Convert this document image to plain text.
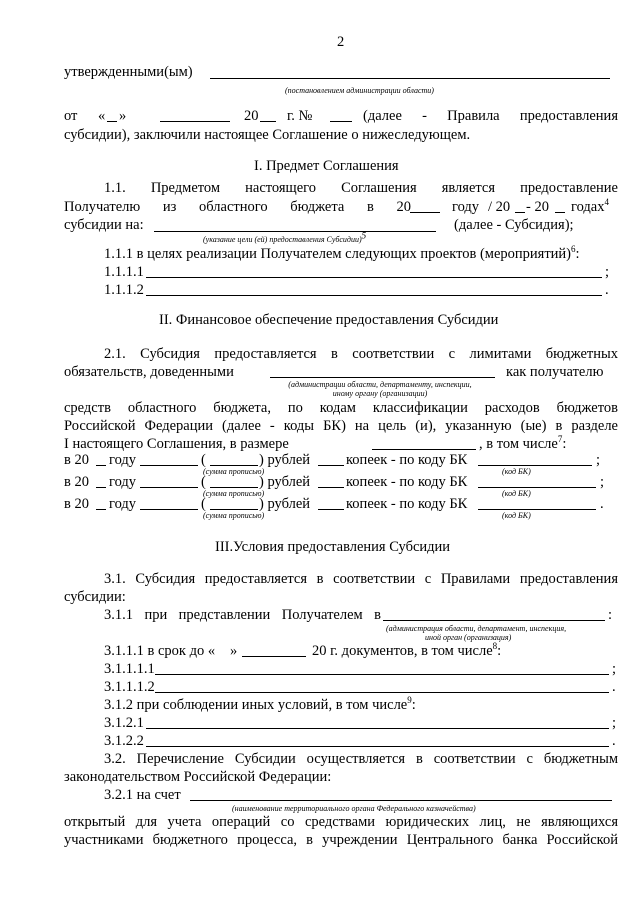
2
утвержденными(ым)
(постановлением администрации области)
от « »	20 г. №	(далее - Правила предоставления
субсидии), заключили настоящее Соглашение о нижеследующем.
I. Предмет Соглашения
1.1. Предметом настоящего Соглашения является предоставление
Получателю из областного бюджета в 20	году / 20 - 20 годах$^4$
субсидии на:	(далее - Субсидия);
(указание цели (ей) предоставления Субсидии)$^5$
1.1.1 в целях реализации Получателем следующих проектов (мероприятий)$^6$:
1.1.1.1	;
1.1.1.2	.
II. Финансовое обеспечение предоставления Субсидии
2.1. Субсидия предоставляется в соответствии с лимитами бюджетных
обязательств, доведенными	как получателю
(администрации области, департаменту, инспекции,
иному органу (организации)
средств областного бюджета, по кодам классификации расходов бюджетов
Российской Федерации (далее - коды БК) на цель (и), указанную (ые) в разделе
I настоящего Соглашения, в размере	, в том числе$^7$:
в 20 году	(	) рублей копеек - по коду БК	;
(сумма прописью)	(код БК)
в 20 году	(	) рублей копеек - по коду БК	;
(сумма прописью)	(код БК)
в 20 году	(	) рублей копеек - по коду БК	.
(сумма прописью)	(код БК)
III.Условия предоставления Субсидии
3.1. Субсидия предоставляется в соответствии с Правилами предоставления
субсидии:
3.1.1 при представлении Получателем в	:
(администрация области, департамент, инспекция,
иной орган (организация)
3.1.1.1 в срок до « »	20 г. документов, в том числе$^8$:
3.1.1.1.1	;
3.1.1.1.2	.
3.1.2 при соблюдении иных условий, в том числе$^9$:
3.1.2.1	;
3.1.2.2	.
3.2. Перечисление Субсидии осуществляется в соответствии с бюджетным
законодательством Российской Федерации:
3.2.1 на счет
(наименование территориального органа Федерального казначейства)
открытый для учета операций со средствами юридических лиц, не являющихся
участниками бюджетного процесса, в учреждении Центрального банка Российской
